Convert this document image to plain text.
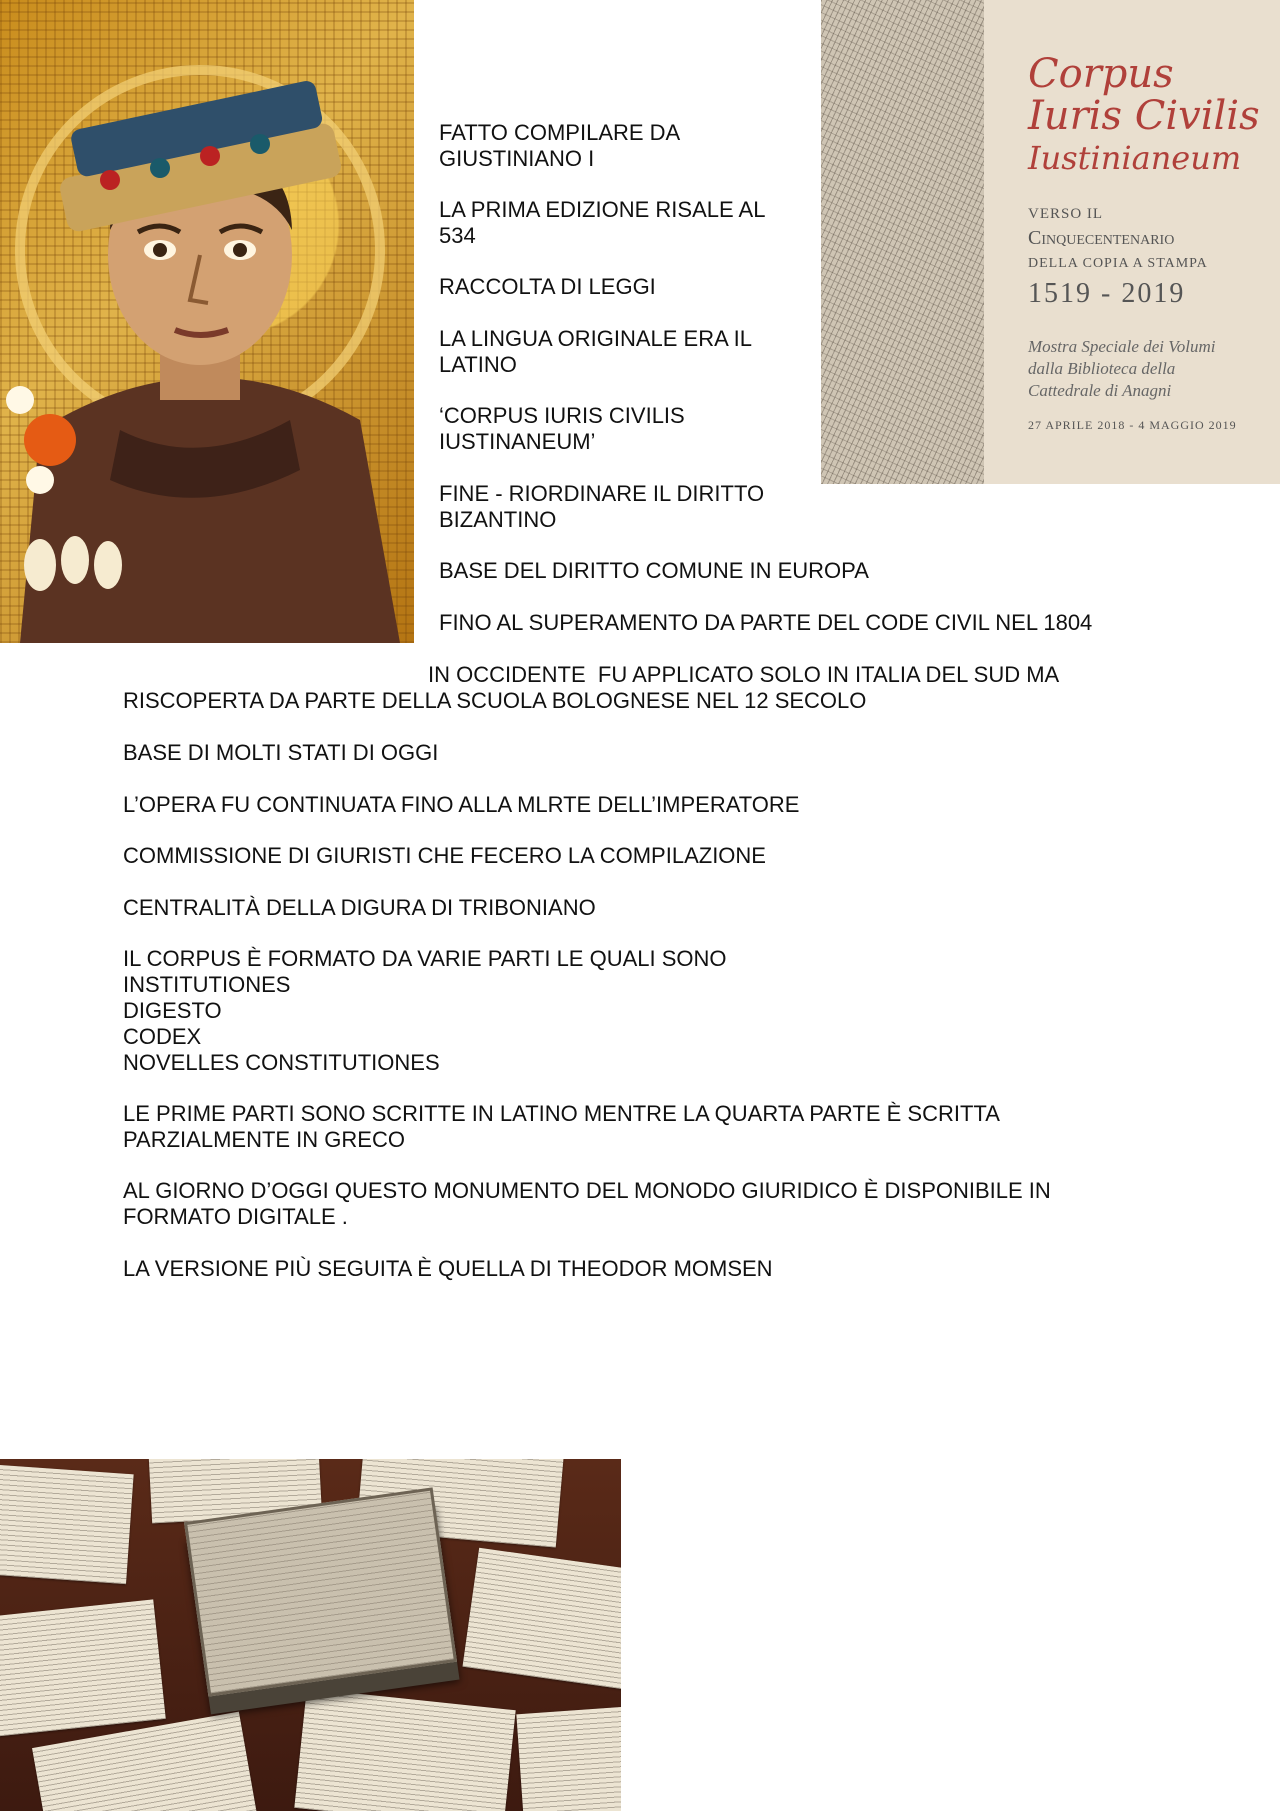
Corpus
Iuris Civilis
Iustinianeum
VERSO IL
Cinquecentenario
DELLA COPIA A STAMPA
1519 - 2019
Mostra Speciale dei Volumi
dalla Biblioteca della
Cattedrale di Anagni
27 APRILE 2018 - 4 MAGGIO 2019
FATTO COMPILARE DA
GIUSTINIANO I
LA PRIMA EDIZIONE RISALE AL
534
RACCOLTA DI LEGGI
LA LINGUA ORIGINALE ERA IL
LATINO
‘CORPUS IURIS CIVILIS
IUSTINANEUM’
FINE - RIORDINARE IL DIRITTO
BIZANTINO
BASE DEL DIRITTO COMUNE IN EUROPA
FINO AL SUPERAMENTO DA PARTE DEL CODE CIVIL NEL 1804
IN OCCIDENTE  FU APPLICATO SOLO IN ITALIA DEL SUD MA
RISCOPERTA DA PARTE DELLA SCUOLA BOLOGNESE NEL 12 SECOLO
BASE DI MOLTI STATI DI OGGI
L’OPERA FU CONTINUATA FINO ALLA MLRTE DELL’IMPERATORE
COMMISSIONE DI GIURISTI CHE FECERO LA COMPILAZIONE
CENTRALITÀ DELLA DIGURA DI TRIBONIANO
IL CORPUS È FORMATO DA VARIE PARTI LE QUALI SONO
INSTITUTIONES
DIGESTO
CODEX
NOVELLES CONSTITUTIONES
LE PRIME PARTI SONO SCRITTE IN LATINO MENTRE LA QUARTA PARTE È SCRITTA
PARZIALMENTE IN GRECO
AL GIORNO D’OGGI QUESTO MONUMENTO DEL MONODO GIURIDICO È DISPONIBILE IN
FORMATO DIGITALE .
LA VERSIONE PIÙ SEGUITA È QUELLA DI THEODOR MOMSEN
